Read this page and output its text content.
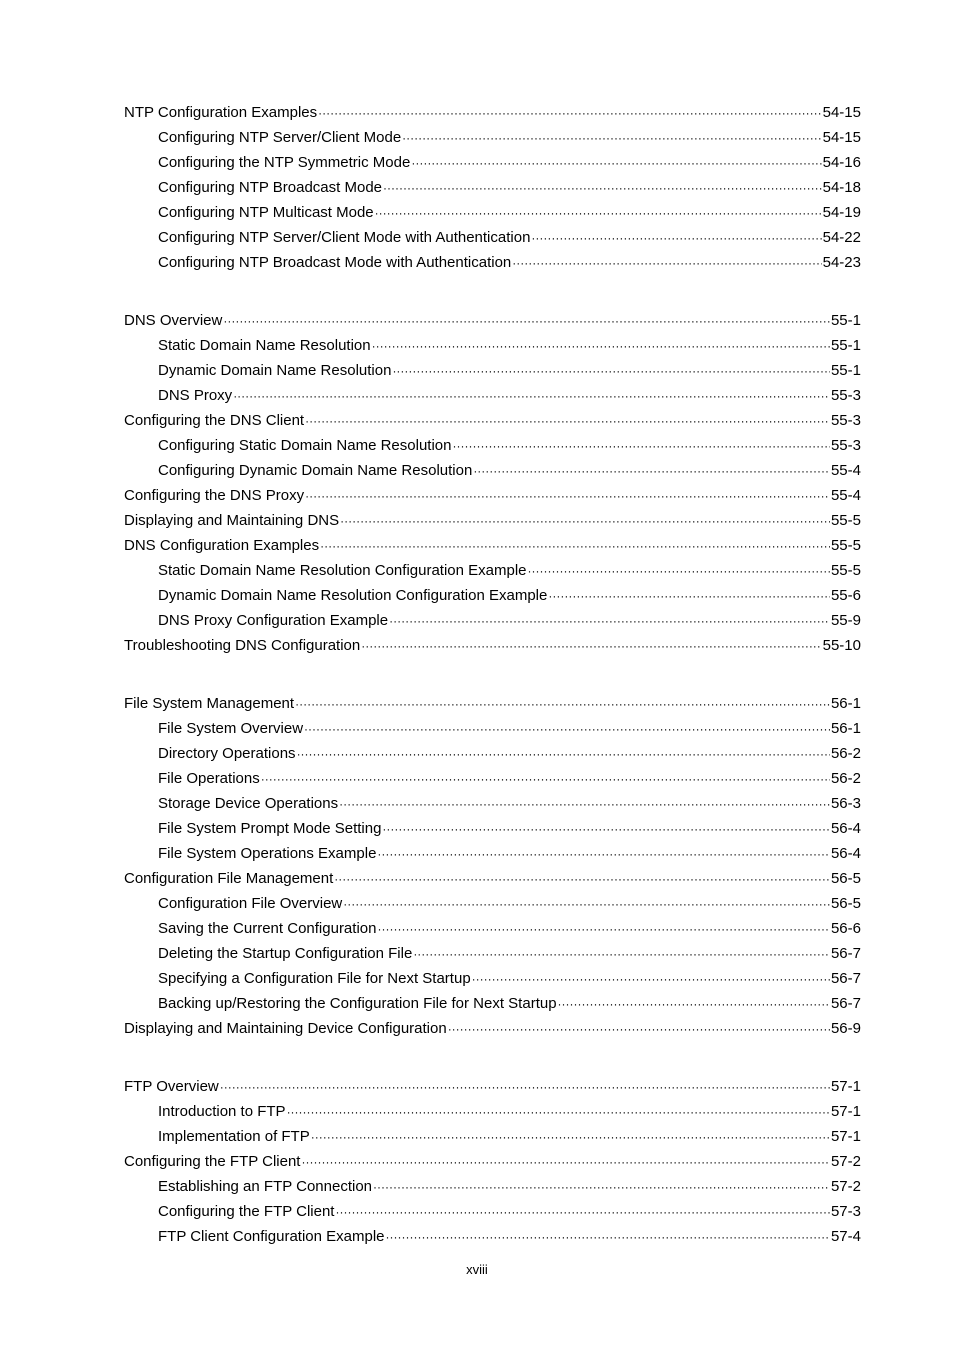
NTP Configuration Examples ·····	54-15
Configuring NTP Server/Client Mode ·····	54-15
Configuring the NTP Symmetric Mode ·····	54-16
Configuring NTP Broadcast Mode ·····	54-18
Configuring NTP Multicast Mode ·····	54-19
Configuring NTP Server/Client Mode with Authentication ·····	54-22
Configuring NTP Broadcast Mode with Authentication ·····	54-23
DNS Overview ·····	55-1
Static Domain Name Resolution ·····	55-1
Dynamic Domain Name Resolution ·····	55-1
DNS Proxy ·····	55-3
Configuring the DNS Client ·····	55-3
Configuring Static Domain Name Resolution ·····	55-3
Configuring Dynamic Domain Name Resolution ·····	55-4
Configuring the DNS Proxy ·····	55-4
Displaying and Maintaining DNS ·····	55-5
DNS Configuration Examples ·····	55-5
Static Domain Name Resolution Configuration Example ·····	55-5
Dynamic Domain Name Resolution Configuration Example ·····	55-6
DNS Proxy Configuration Example ·····	55-9
Troubleshooting DNS Configuration ·····	55-10
File System Management ·····	56-1
File System Overview ·····	56-1
Directory Operations ·····	56-2
File Operations ·····	56-2
Storage Device Operations ·····	56-3
File System Prompt Mode Setting ·····	56-4
File System Operations Example ·····	56-4
Configuration File Management ·····	56-5
Configuration File Overview ·····	56-5
Saving the Current Configuration ·····	56-6
Deleting the Startup Configuration File ·····	56-7
Specifying a Configuration File for Next Startup ·····	56-7
Backing up/Restoring the Configuration File for Next Startup ·····	56-7
Displaying and Maintaining Device Configuration ·····	56-9
FTP Overview ·····	57-1
Introduction to FTP ·····	57-1
Implementation of FTP ·····	57-1
Configuring the FTP Client ·····	57-2
Establishing an FTP Connection ·····	57-2
Configuring the FTP Client ·····	57-3
FTP Client Configuration Example ·····	57-4
xviii
